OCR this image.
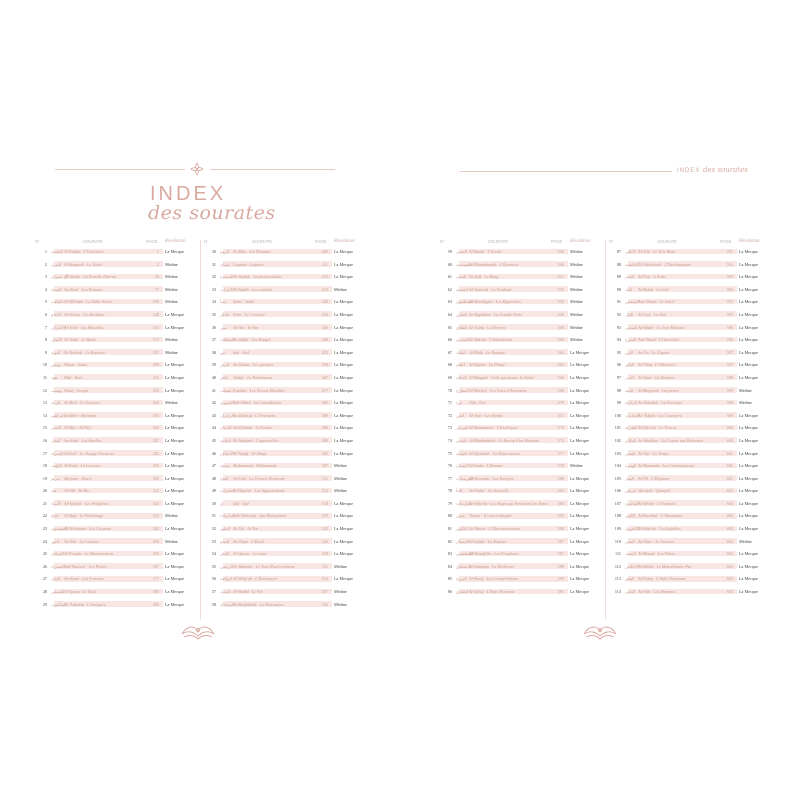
INDEX
des sourates
N°	SOURATE	PAGE Révélation
1 الفاتحة Al-Fâtiḥa · L'Ouverture	1 La Mecque
2 البقرة Al-Baqarah · La Vache	2 Médine
3 آل عمران
Al-'Imrân · La Famille d'Imran	50 Médine
4 النساء An-Nisâ' · Les Femmes	77 Médine
5 المائدة Al-Mâ'idah · La Table Servie	106 Médine
6 الأنعام Al-An'âm · Les Bestiaux	128 La Mecque
7 الأعراف Al-A'râf · Les Murailles	151 La Mecque
8 الأنفال Al-Anfâl · Le Butin	177 Médine
9 التوبة At-Tawbah · Le Repentir	187 Médine
10 يونس Yûnus · Jonas	208 La Mecque
11 هود Hûd · Hud	221 La Mecque
12 يوسف Yûsuf · Joseph	235 La Mecque
13 الرعد Ar-Ra'd · Le Tonnerre	249 Médine
14 إبراهيم Ibrâhîm · Abraham	255 La Mecque
15 الحجر Al-Ḥijr · Al-Hijr	262 La Mecque
16 النحل An-Naḥl · Les Abeilles	267 La Mecque
17 الإسراء Al-Isrâ' · Le Voyage Nocturne	282 La Mecque
18 الكهف Al-Kahf · La Caverne	293 La Mecque
19 مريم Maryam · Marie	305 La Mecque
20 طه Ṭâ-Hâ · Ta-Ha	312 La Mecque
21 الأنبياء Al-Anbiyâ' · Les Prophètes	322 La Mecque
22 الحج Al-Ḥajj · Le Pèlerinage	332 Médine
23 المؤمنون
Al-Mu'minûn · Les Croyants	342 La Mecque
24 النور An-Nûr · La Lumière	350 Médine
25 الفرقان Al-Furqân · Le Discernement	359 La Mecque
26 الشعراء Ash-Shu'arâ' · Les Poètes	367 La Mecque
27 النمل An-Naml · Les Fourmis	377 La Mecque
28 القصص Al-Qaṣaṣ · Le Récit	385 La Mecque
29 العنكبوت
Al-'Ankabût · L'Araignée	396 La Mecque
N°	SOURATE	PAGE Révélation
30 الروم Ar-Rûm · Les Romains	404 La Mecque
31 لقمان Luqmân · Luqman	411 La Mecque
32 السجدة As-Sajdah · La prosternation	415 La Mecque
33 الأحزاب Al-Aḥzâb · Les coalisés	418 Médine
34 سبأ Saba' · Saba	428 La Mecque
35 فاطر Fâṭir · Le Créateur	434 La Mecque
36 يس Yâ-Sîn · Ya-Sin	440 La Mecque
37 الصافات
Aṣ-Ṣâffât · Les Rangés	446 La Mecque
38 ص Ṣâd · Sad	453 La Mecque
39 الزمر Az-Zumar · Les groupes	458 La Mecque
40 غافر Ghâfir · Le Pardonneur	467 La Mecque
41 فصلت Fuṣṣilat · Les Versets Détaillés	477 La Mecque
42 الشورى Ash-Shûrâ · La Consultation	483 La Mecque
43 الزخرف Az-Zukhruf · L'Ornement	489 La Mecque
44 الدخان Ad-Dukhân · La Fumée	496 La Mecque
45 الجاثية Al-Jâthiyah · L'agenouillée	499 La Mecque
46 الأحقاف Al-Aḥqâf · Al-Ahqaf	502 La Mecque
47 محمد Muḥammad · Muhammad	507 Médine
48 الفتح Al-Fatḥ · La Victoire Éclatante	511 Médine
49 الحجرات
Al-Ḥujurât · Les Appartements	515 Médine
50 ق Qâf · Qaf	518 La Mecque
51 الذاريات
Adh-Dhâriyât · Qui Éparpillent	520 La Mecque
52 الطور Aṭ-Ṭûr · At-Tur	523 La Mecque
53 النجم An-Najm · L'Étoile	526 La Mecque
54 القمر Al-Qamar · La Lune	528 La Mecque
55 الرحمن Ar-Raḥmân · Le Tout Miséricordieux	531 Médine
56 الواقعة Al-Wâqi'ah · L'Événement	534 La Mecque
57 الحديد Al-Ḥadîd · Le Fer	537 Médine
58 المجادلة
Al-Mujâdalah · La Discussion	542 Médine
INDEX des sourates
N°	SOURATE	PAGE Révélation
59 الحشر Al-Ḥashr · L'Exode	545 Médine
60 الممتحنة
Al-Mumtaḥanah · L'Éprouvée	549 Médine
61 الصف Aṣ-Ṣaff · Le Rang	551 Médine
62 الجمعة Al-Jumu'ah · Le Vendredi	553 Médine
63 المنافقون
Al-Munâfiqûn · Les Hypocrites	554 Médine
64 التغابن At-Taghâbun · La Grande Perte	556 Médine
65 الطلاق Aṭ-Ṭalâq · Le Divorce	558 Médine
66 التحريم At-Taḥrîm · L'Interdiction	560 Médine
67 الملك Al-Mulk · La Royauté	562 La Mecque
68 القلم Al-Qalam · La Plume	564 La Mecque
69 الحاقة Al-Ḥâqqah · Celle qui montre la Vérité	566 La Mecque
70 المعارج Al-Ma'ârij · Les Voies d'Ascension	568 La Mecque
71 نوح Nûḥ · Noé	570 La Mecque
72 الجن Al-Jinn · Les Djinns	572 La Mecque
73 المزمل Al-Muzzammil · L'Enveloppé	574 La Mecque
74 المدثر Al-Muddaththir · Le Revêtu d'un Manteau	575 La Mecque
75 القيامة Al-Qiyâmah · La Résurrection	577 La Mecque
76 الإنسان Al-Insân · L'Homme	578 Médine
77 المرسلات
Al-Mursalât · Les Envoyés	580 La Mecque
78 النبأ An-Naba' · La Nouvelle	582 La Mecque
79 النازعات
An-Nâzi'ât · Les Anges qui Arrachent les Âmes	583 La Mecque
80 عبس 'Abasa · Il s'est renfrogné	585 La Mecque
81 التكوير At-Takwîr · L'Obscurcissement	586 La Mecque
82 الانفطار Al-Infiṭâr · La Rupture	587 La Mecque
83 المطففين
Al-Muṭaffifîn · Les Fraudeurs	587 La Mecque
84 الانشقاق
Al-Inshiqâq · La Déchirure	589 La Mecque
85 البروج Al-Burûj · Les Constellations	590 La Mecque
86 الطارق Aṭ-Ṭâriq · L'Astre Nocturne	591 La Mecque
N°	SOURATE	PAGE Révélation
87 الأعلى Al-A'lâ · Le Très Haut	591 La Mecque
88 الغاشية Al-Ghâshiyah · L'Enveloppante	592 La Mecque
89 الفجر Al-Fajr · L'Aube	593 La Mecque
90 البلد Al-Balad · La Cité	594 La Mecque
91 الشمس Ash-Shams · Le Soleil	595 La Mecque
92 الليل Al-Layl · La Nuit	595 La Mecque
93 الضحى Aḍ-Ḍuḥâ · Le Jour Montant	596 La Mecque
94 الشرح Ash-Sharḥ · L'Ouverture	596 La Mecque
95 التين At-Tîn · Le Figuier	597 La Mecque
96 العلق Al-'Alaq · L'Adhérence	597 La Mecque
97 القدر Al-Qadr · La Destinée	598 La Mecque
98 البينة Al-Bayyinah · La preuve	598 Médine
99 الزلزلة Az-Zalzalah · La Secousse	599 Médine
100 العاديات Al-'Âdiyât · Les Coursiers	599 La Mecque
101 القارعة Al-Qâri'ah · Le Fracas	600 La Mecque
102 التكاثر At-Takâthur · La Course aux Richesses	600 La Mecque
103 العصر Al-'Aṣr · Le Temps	601 La Mecque
104 الهمزة Al-Humazah · Les Calomniateurs	601 La Mecque
105 الفيل Al-Fîl · L'Éléphant	601 La Mecque
106 قريش Quraysh · Quraych	602 La Mecque
107 الماعون Al-Mâ'ûn · L'Ustensile	602 La Mecque
108 الكوثر Al-Kawthar · L'Abondance	602 La Mecque
109 الكافرون
Al-Kâfirûn · Les Infidèles	603 La Mecque
110 النصر An-Naṣr · Le Secours	603 Médine
111 المسد Al-Masad · Les Fibres	603 La Mecque
112 الإخلاص Al-Ikhlâṣ · Le Monothéisme Pur	604 La Mecque
113 الفلق Al-Falaq · L'Aube Naissante	604 La Mecque
114 الناس An-Nâs · Les Hommes	604 La Mecque
